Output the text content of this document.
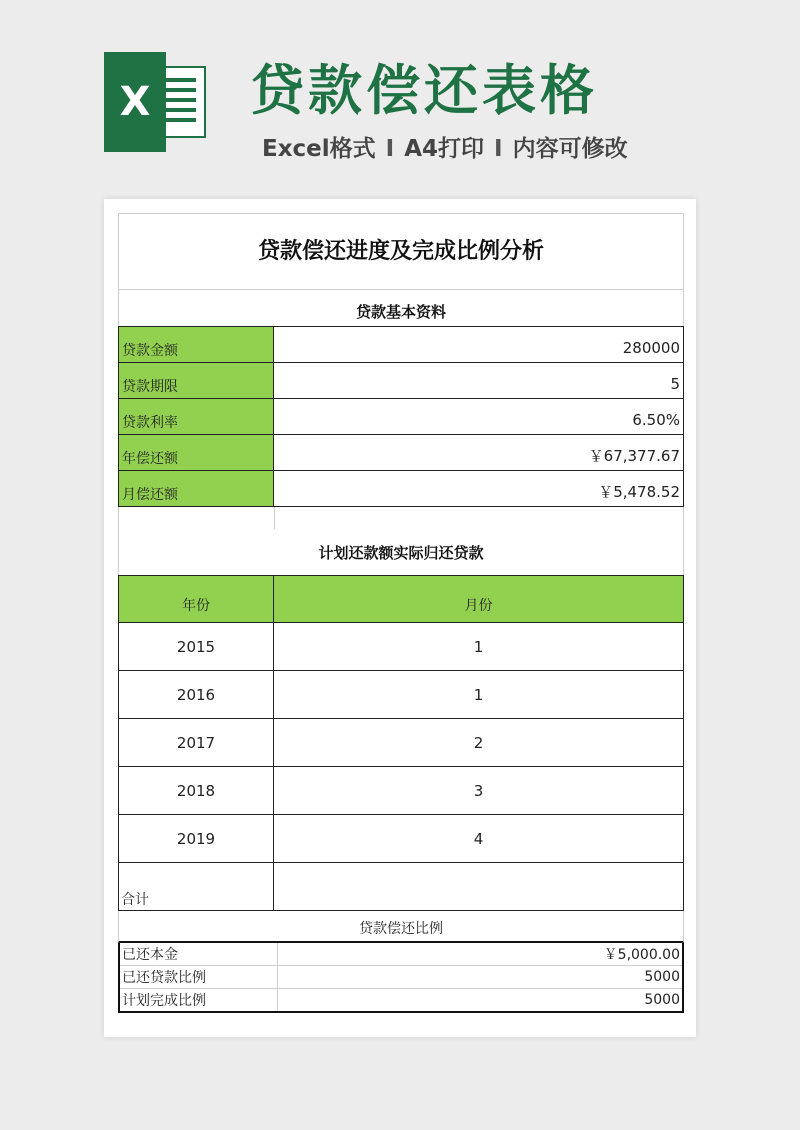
X 贷款偿还表格
Excel格式 I A4打印 I 内容可修改
贷款偿还进度及完成比例分析
贷款基本资料
贷款金额	280000
贷款期限	5
贷款利率	6.50%
年偿还额	￥67,377.67
月偿还额	￥5,478.52

计划还款额实际归还贷款
年份	月份
2015	1
2016	1
2017	2
2018	3
2019	4
合计	
贷款偿还比例
已还本金	￥5,000.00
已还贷款比例	5000
计划完成比例	5000
